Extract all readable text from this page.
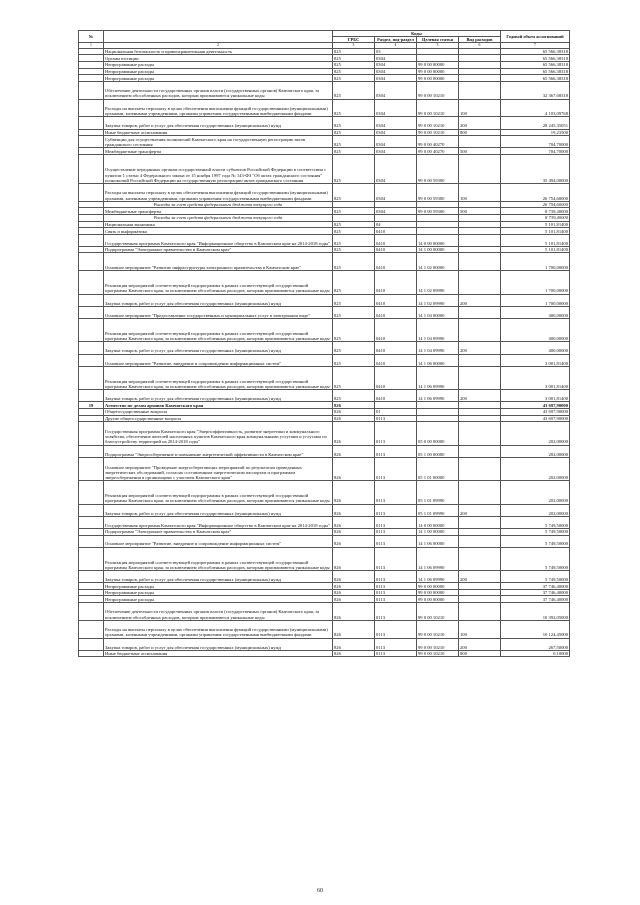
№		Коды				Годовой объем ассигнований
		ГРБС	Раздел, под-раздел	Целевая статья	Вид расходов	
1	2	3	4	5	6	7
	Национальная безопасность и правоохранительная деятельность	825	03			65 566,38318
	Органы юстиции	825	0304			65 566,38318
	Непрограммные расходы	825	0304	99 0 00 00000		65 566,38318
	Непрограммные расходы	825	0304	99 0 00 00000		65 566,38318
	Непрограммные расходы	825	0304	99 0 00 00000		65 566,38318
	Обеспечение деятельности государственных органов власти (государственных органов) Камчатского края, за исключением обособленных расходов, которым присваиваются уникальные коды	825	0304	99 0 00 10210		32 367,68318
	Расходы на выплаты персоналу в целях обеспечения выполнения функций государственными (муниципальными) органами, казенными учреждениями, органами управления государственными внебюджетными фондами	825	0304	99 0 00 10210	100	4 103,09768
	Закупка товаров, работ и услуг для обеспечения государственных (муниципальных) нужд	825	0304	99 0 00 10210	200	28 245,35051
	Иные бюджетные ассигнования	825	0304	99 0 00 10210	800	19,23500
	Субвенции для осуществления полномочий Камчатского края на государственную регистрацию актов гражданского состояния	825	0304	99 0 00 40270		704,70000
	Межбюджетные трансферты	825	0304	99 0 00 40270	500	704,70000
	Осуществление переданных органам государственной власти субъектов Российской Федерации в соответствии с пунктом 1 статьи 4 Федерального закона от 15 ноября 1997 года № 143-ФЗ "Об актах гражданского состояния" полномочий Российской Федерации на государственную регистрацию актов гражданского состояния	825	0304	99 0 00 59300		35 494,00000
	Расходы на выплаты персоналу в целях обеспечения выполнения функций государственными (муниципальными) органами, казенными учреждениями, органами управления государственными внебюджетными фондами	825	0304	99 0 00 59300	100	26 754,60000
	Расходы за счет средств федерального бюджета текущего года					26 754,60000
	Межбюджетные трансферты	825	0304	99 0 00 59300	500	8 739,40000
	Расходы за счет средств федерального бюджета текущего года					8 739,40000
	Национальная экономика	825	04			5 101,81400
	Связь и информатика	825	0410			5 101,81400
	Государственная программа Камчатского края "Информационное общество в Камчатском крае на 2014-2018 годы"	825	0410	14 0 00 00000		5 101,81400
	Подпрограмма "Электронное правительство в Камчатском крае"	825	0410	14 1 00 00000		5 101,81400
	Основное мероприятие "Развитие инфраструктуры электронного правительства в Камчатском крае"	825	0410	14 1 02 00000		1 700,00000
	Реализация мероприятий соответствующей подпрограммы в рамках соответствующей государственной программы Камчатского края, за исключением обособленных расходов, которым присваиваются уникальные коды	825	0410	14 1 02 09990		1 700,00000
	Закупка товаров, работ и услуг для обеспечения государственных (муниципальных) нужд	825	0410	14 1 02 09990	200	1 700,00000
	Основное мероприятие "Предоставление государственных и муниципальных услуг в электронном виде"	825	0410	14 1 04 00000		400,00000
	Реализация мероприятий соответствующей подпрограммы в рамках соответствующей государственной программы Камчатского края, за исключением обособленных расходов, которым присваиваются уникальные коды	825	0410	14 1 04 09990		400,00000
	Закупка товаров, работ и услуг для обеспечения государственных (муниципальных) нужд	825	0410	14 1 04 09990	200	400,00000
	Основное мероприятие "Развитие, внедрение и сопровождение информационных систем"	825	0410	14 1 06 00000		3 001,81400
	Реализация мероприятий соответствующей подпрограммы в рамках соответствующей государственной программы Камчатского края, за исключением обособленных расходов, которым присваиваются уникальные коды	825	0410	14 1 06 09990		3 001,81400
	Закупка товаров, работ и услуг для обеспечения государственных (муниципальных) нужд	825	0410	14 1 06 09990	200	3 001,81400
19	Агентство по делам архивов Камчатского края	826				43 697,90000
	Общегосударственные вопросы	826	01			43 697,90000
	Другие общегосударственные вопросы	826	0113			43 697,90000
	Государственная программа Камчатского края "Энергоэффективность, развитие энергетики и коммунального хозяйства, обеспечение жителей населенных пунктов Камчатского края коммунальными услугами и услугами по благоустройству территорий на 2014-2018 годы"	826	0113	05 0 00 00000		202,00000
	Подпрограмма "Энергосбережение и повышение энергетической эффективности в Камчатском крае"	826	0113	05 1 00 00000		202,00000
	Основное мероприятие "Проведение энергосберегающих мероприятий по результатам проведенных энергетических обследований, согласно составленным энергетическим паспортам и программам энергосбережения в организациях с участием Камчатского края"	826	0113	05 1 01 00000		202,00000
	Реализация мероприятий соответствующей подпрограммы в рамках соответствующей государственной программы Камчатского края, за исключением обособленных расходов, которым присваиваются уникальные коды	826	0113	05 1 01 09990		202,00000
	Закупка товаров, работ и услуг для обеспечения государственных (муниципальных) нужд	826	0113	05 1 01 09990	200	202,00000
	Государственная программа Камчатского края "Информационное общество в Камчатском крае на 2014-2018 годы"	826	0113	14 0 00 00000		5 749,50000
	Подпрограмма "Электронное правительство в Камчатском крае"	826	0113	14 1 00 00000		5 749,50000
	Основное мероприятие "Развитие, внедрение и сопровождение информационных систем"	826	0113	14 1 06 00000		5 749,50000
	Реализация мероприятий соответствующей подпрограммы в рамках соответствующей государственной программы Камчатского края, за исключением обособленных расходов, которым присваиваются уникальные коды	826	0113	14 1 06 09990		5 749,50000
	Закупка товаров, работ и услуг для обеспечения государственных (муниципальных) нужд	826	0113	14 1 06 09990	200	5 749,50000
	Непрограммные расходы	826	0113	99 0 00 00000		37 746,40000
	Непрограммные расходы	826	0113	99 0 00 00000		37 746,40000
	Непрограммные расходы	826	0113	99 0 00 00000		37 746,40000
	Обеспечение деятельности государственных органов власти (государственных органов) Камчатского края, за исключением обособленных расходов, которым присваиваются уникальные коды	826	0113	99 0 00 10210		10 392,05000
	Расходы на выплаты персоналу в целях обеспечения выполнения функций государственными (муниципальными) органами, казенными учреждениями, органами управления государственными внебюджетными фондами	826	0113	99 0 00 10210	100	10 124,45000
	Закупка товаров, работ и услуг для обеспечения государственных (муниципальных) нужд	826	0113	99 0 00 10210	200	267,50000
	Иные бюджетные ассигнования	826	0113	99 0 00 10210	800	0,10000
60
